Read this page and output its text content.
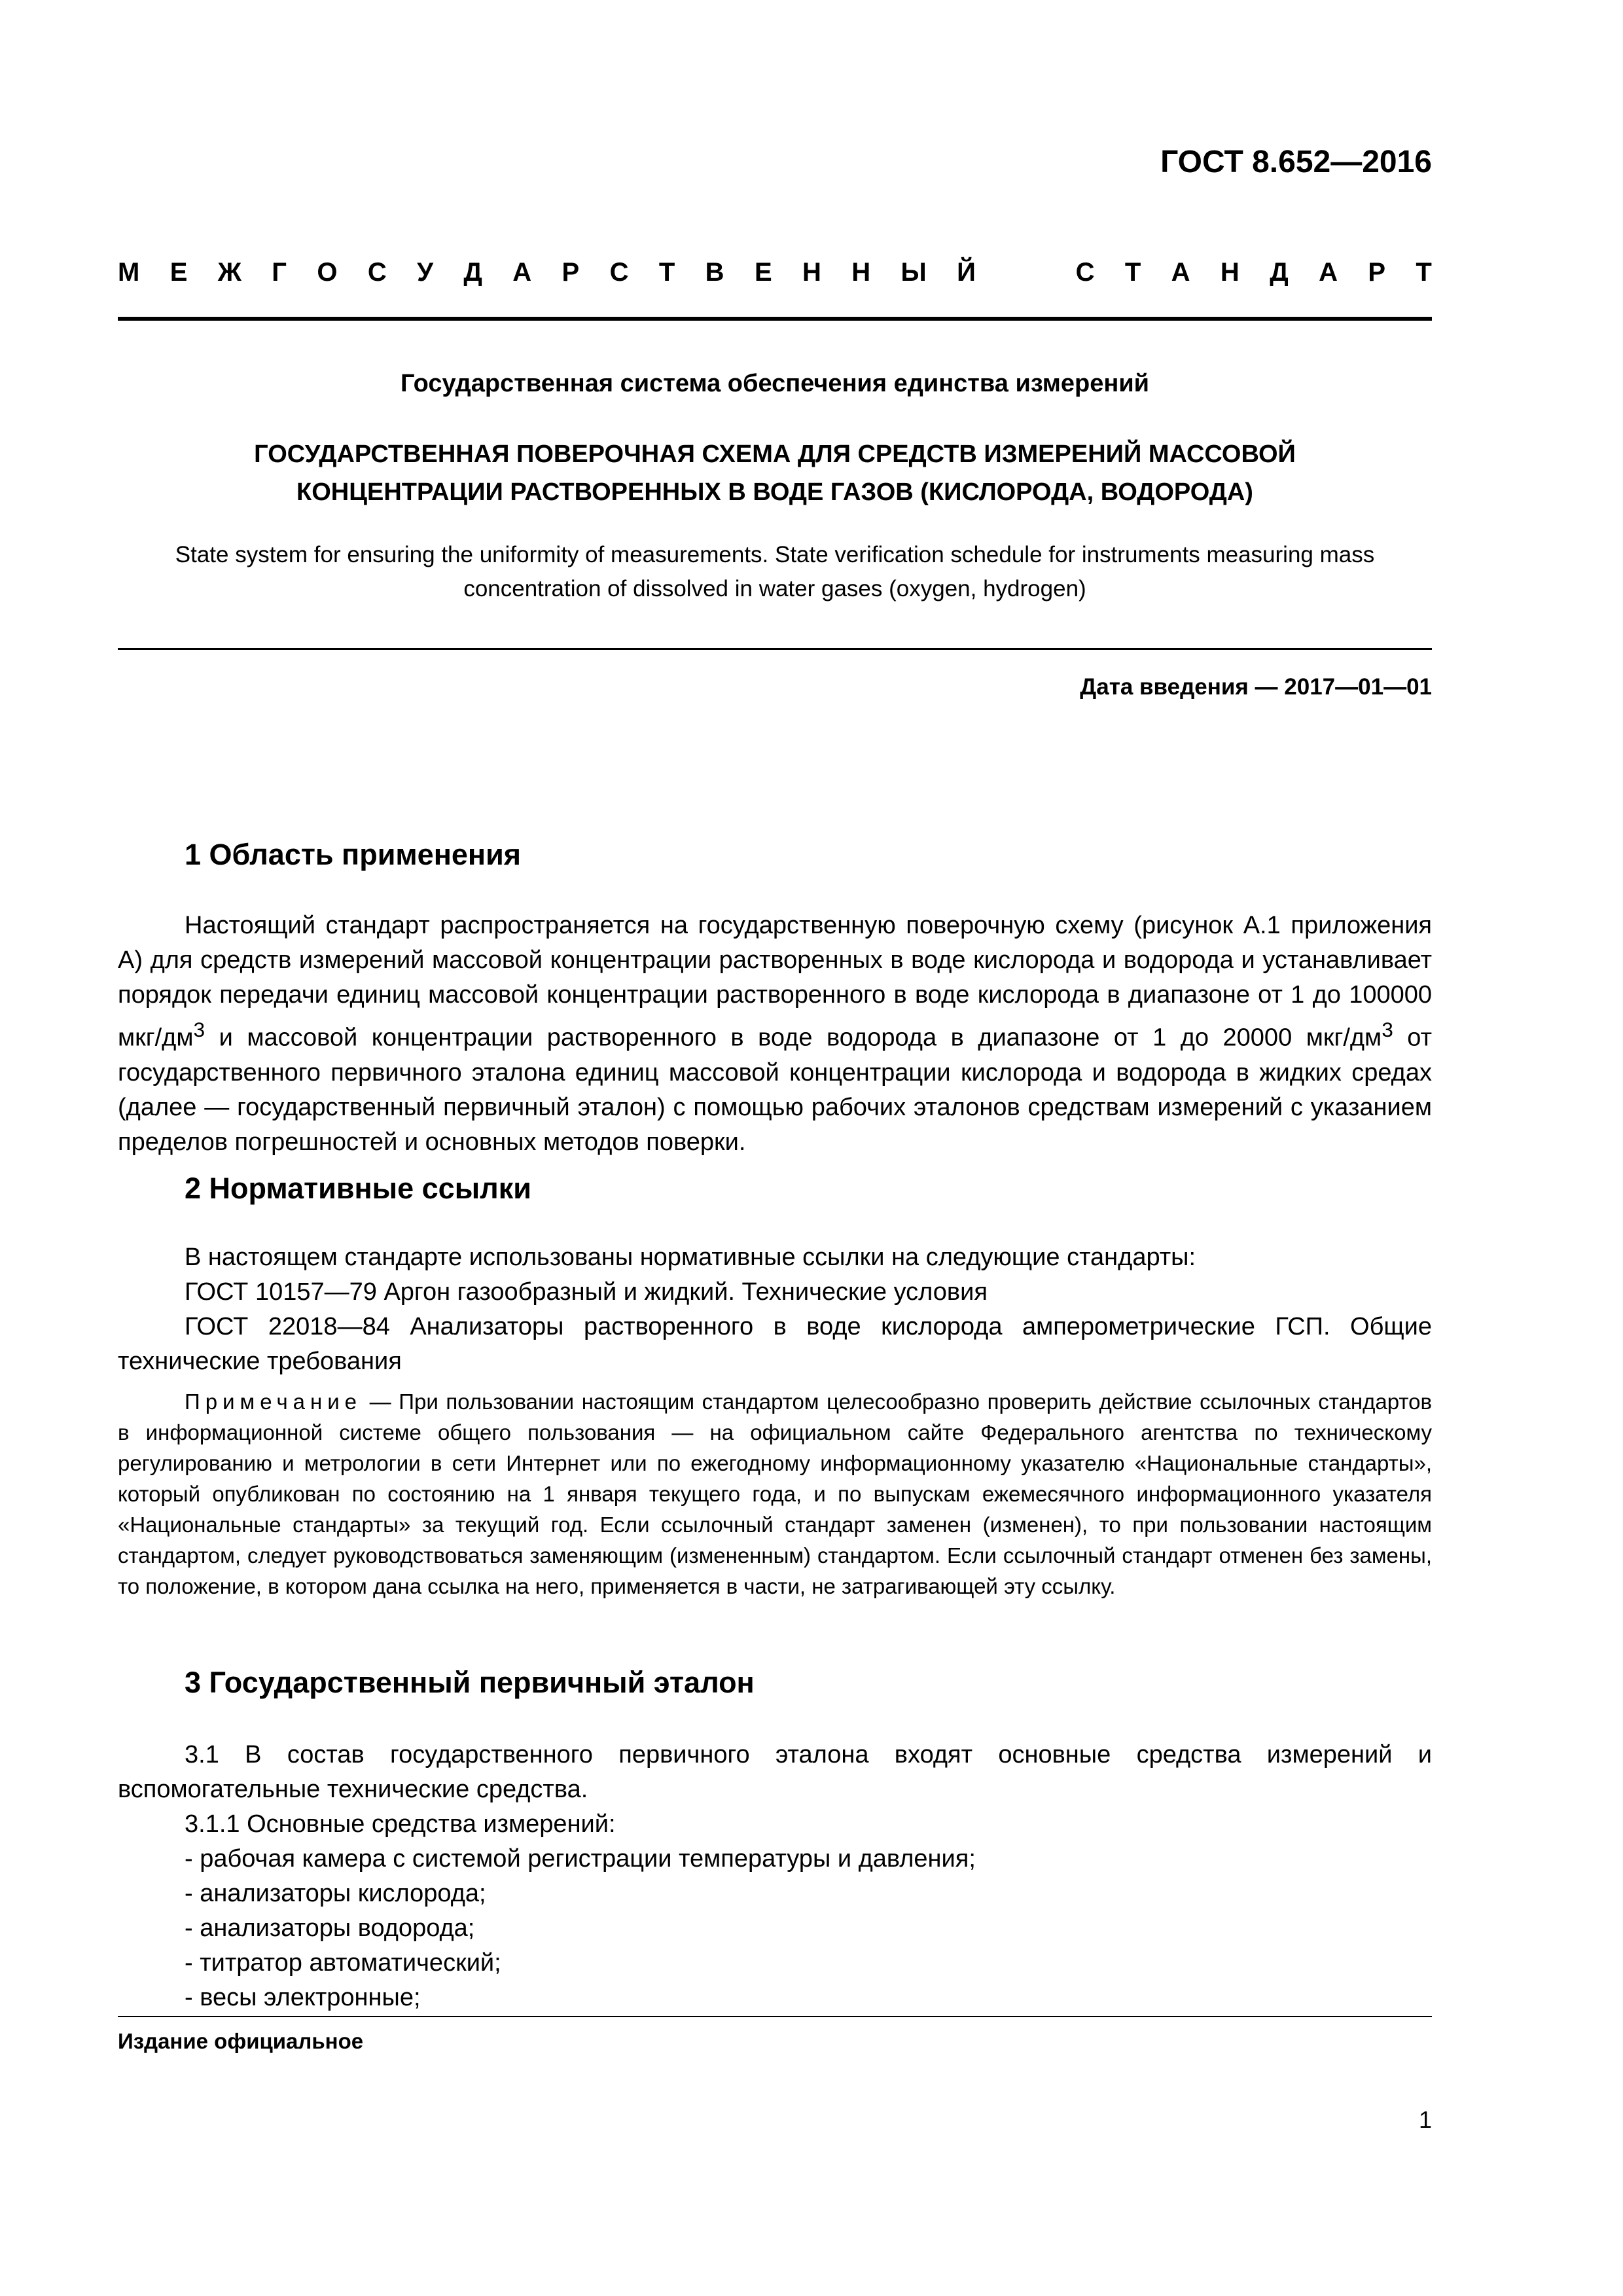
ГОСТ 8.652—2016
М Е Ж Г О С У Д А Р С Т В Е Н Н Ы Й	С Т А Н Д А Р Т
Государственная система обеспечения единства измерений
ГОСУДАРСТВЕННАЯ ПОВЕРОЧНАЯ СХЕМА ДЛЯ СРЕДСТВ ИЗМЕРЕНИЙ МАССОВОЙ
КОНЦЕНТРАЦИИ РАСТВОРЕННЫХ В ВОДЕ ГАЗОВ (КИСЛОРОДА, ВОДОРОДА)
State system for ensuring the uniformity of measurements. State verification schedule for instruments measuring mass
concentration of dissolved in water gases (oxygen, hydrogen)
Дата введения — 2017—01—01
1 Область применения
Настоящий стандарт распространяется на государственную поверочную схему (рисунок А.1 приложения А) для средств измерений массовой концентрации растворенных в воде кислорода и водорода и устанавливает порядок передачи единиц массовой концентрации растворенного в воде кислорода в диапазоне от 1 до 100000 мкг/$дм^3$ и массовой концентрации растворенного в воде водорода в диапазоне от 1 до 20000 мкг/$дм^3$ от государственного первичного эталона единиц массовой концентрации кислорода и водорода в жидких средах (далее — государственный первичный эталон) с помощью рабочих эталонов средствам измерений с указанием пределов погрешностей и основных методов поверки.
2 Нормативные ссылки
В настоящем стандарте использованы нормативные ссылки на следующие стандарты:
ГОСТ 10157—79 Аргон газообразный и жидкий. Технические условия
ГОСТ 22018—84 Анализаторы растворенного в воде кислорода амперометрические ГСП. Общие технические требования
Примечание — При пользовании настоящим стандартом целесообразно проверить действие ссылочных стандартов в информационной системе общего пользования — на официальном сайте Федерального агентства по техническому регулированию и метрологии в сети Интернет или по ежегодному информационному указателю «Национальные стандарты», который опубликован по состоянию на 1 января текущего года, и по выпускам ежемесячного информационного указателя «Национальные стандарты» за текущий год. Если ссылочный стандарт заменен (изменен), то при пользовании настоящим стандартом, следует руководствоваться заменяющим (измененным) стандартом. Если ссылочный стандарт отменен без замены, то положение, в котором дана ссылка на него, применяется в части, не затрагивающей эту ссылку.
3 Государственный первичный эталон
3.1 В состав государственного первичного эталона входят основные средства измерений и вспомогательные технические средства.
3.1.1 Основные средства измерений:
- рабочая камера с системой регистрации температуры и давления;
- анализаторы кислорода;
- анализаторы водорода;
- титратор автоматический;
- весы электронные;
Издание официальное
1
